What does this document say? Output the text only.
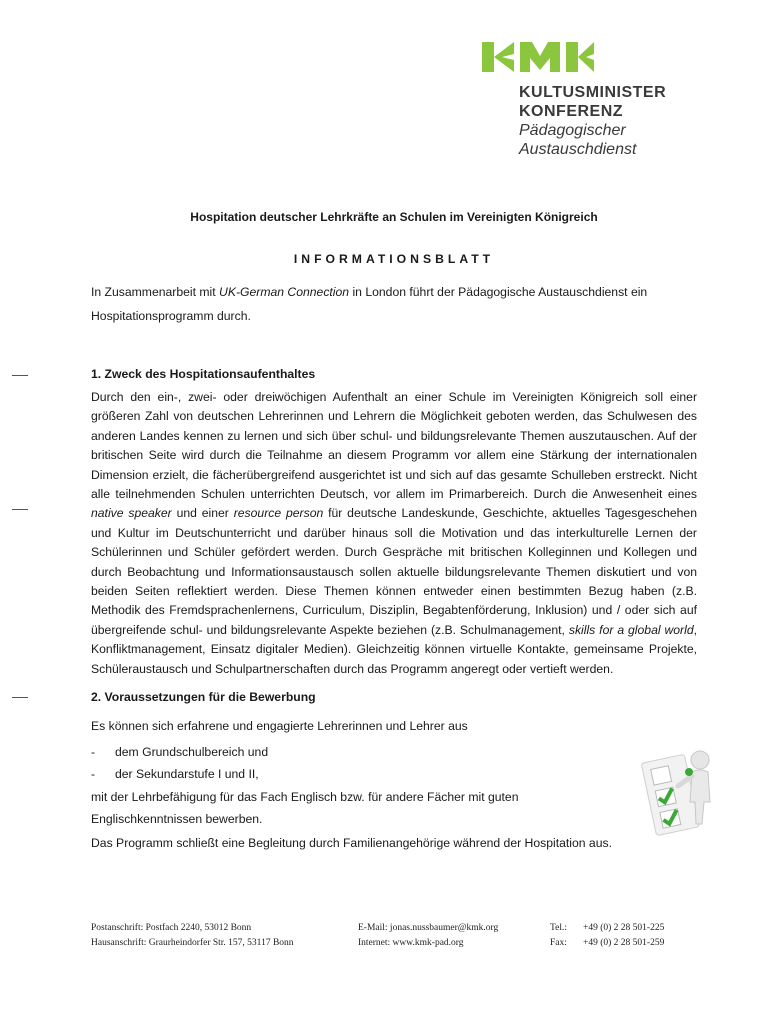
KULTUSMINISTER
KONFERENZ
Pädagogischer
Austauschdienst
Hospitation deutscher Lehrkräfte an Schulen im Vereinigten Königreich
INFORMATIONSBLATT
In Zusammenarbeit mit UK-German Connection in London führt der Pädagogische Austauschdienst ein Hospitationsprogramm durch.
1. Zweck des Hospitationsaufenthaltes
Durch den ein-, zwei- oder dreiwöchigen Aufenthalt an einer Schule im Vereinigten Königreich soll einer größeren Zahl von deutschen Lehrerinnen und Lehrern die Möglichkeit geboten werden, das Schulwesen des anderen Landes kennen zu lernen und sich über schul- und bildungsrelevante Themen auszutauschen. Auf der britischen Seite wird durch die Teilnahme an diesem Programm vor allem eine Stärkung der internationalen Dimension erzielt, die fächerübergreifend ausgerichtet ist und sich auf das gesamte Schulleben erstreckt. Nicht alle teilnehmenden Schulen unterrichten Deutsch, vor allem im Primarbereich. Durch die Anwesenheit eines native speaker und einer resource person für deutsche Landeskunde, Geschichte, aktuelles Tagesgeschehen und Kultur im Deutschunterricht und darüber hinaus soll die Motivation und das interkulturelle Lernen der Schülerinnen und Schüler gefördert werden. Durch Gespräche mit britischen Kolleginnen und Kollegen und durch Beobachtung und Informationsaustausch sollen aktuelle bildungsrelevante Themen diskutiert und von beiden Seiten reflektiert werden. Diese Themen können entweder einen bestimmten Bezug haben (z.B. Methodik des Fremdsprachenlernens, Curriculum, Disziplin, Begabtenförderung, Inklusion) und / oder sich auf übergreifende schul- und bildungsrelevante Aspekte beziehen (z.B. Schulmanagement, skills for a global world, Konfliktmanagement, Einsatz digitaler Medien). Gleichzeitig können virtuelle Kontakte, gemeinsame Projekte, Schüleraustausch und Schulpartnerschaften durch das Programm angeregt oder vertieft werden.
2. Voraussetzungen für die Bewerbung
Es können sich erfahrene und engagierte Lehrerinnen und Lehrer aus
-	dem Grundschulbereich und
-	der Sekundarstufe I und II,
mit der Lehrbefähigung für das Fach Englisch bzw. für andere Fächer mit guten Englischkenntnissen bewerben.
Das Programm schließt eine Begleitung durch Familienangehörige während der Hospitation aus.
Postanschrift: Postfach 2240, 53012 Bonn
Hausanschrift: Graurheindorfer Str. 157, 53117 Bonn
E-Mail: jonas.nussbaumer@kmk.org
Internet: www.kmk-pad.org
Tel.:
Fax:
+49 (0) 2 28 501-225
+49 (0) 2 28 501-259
